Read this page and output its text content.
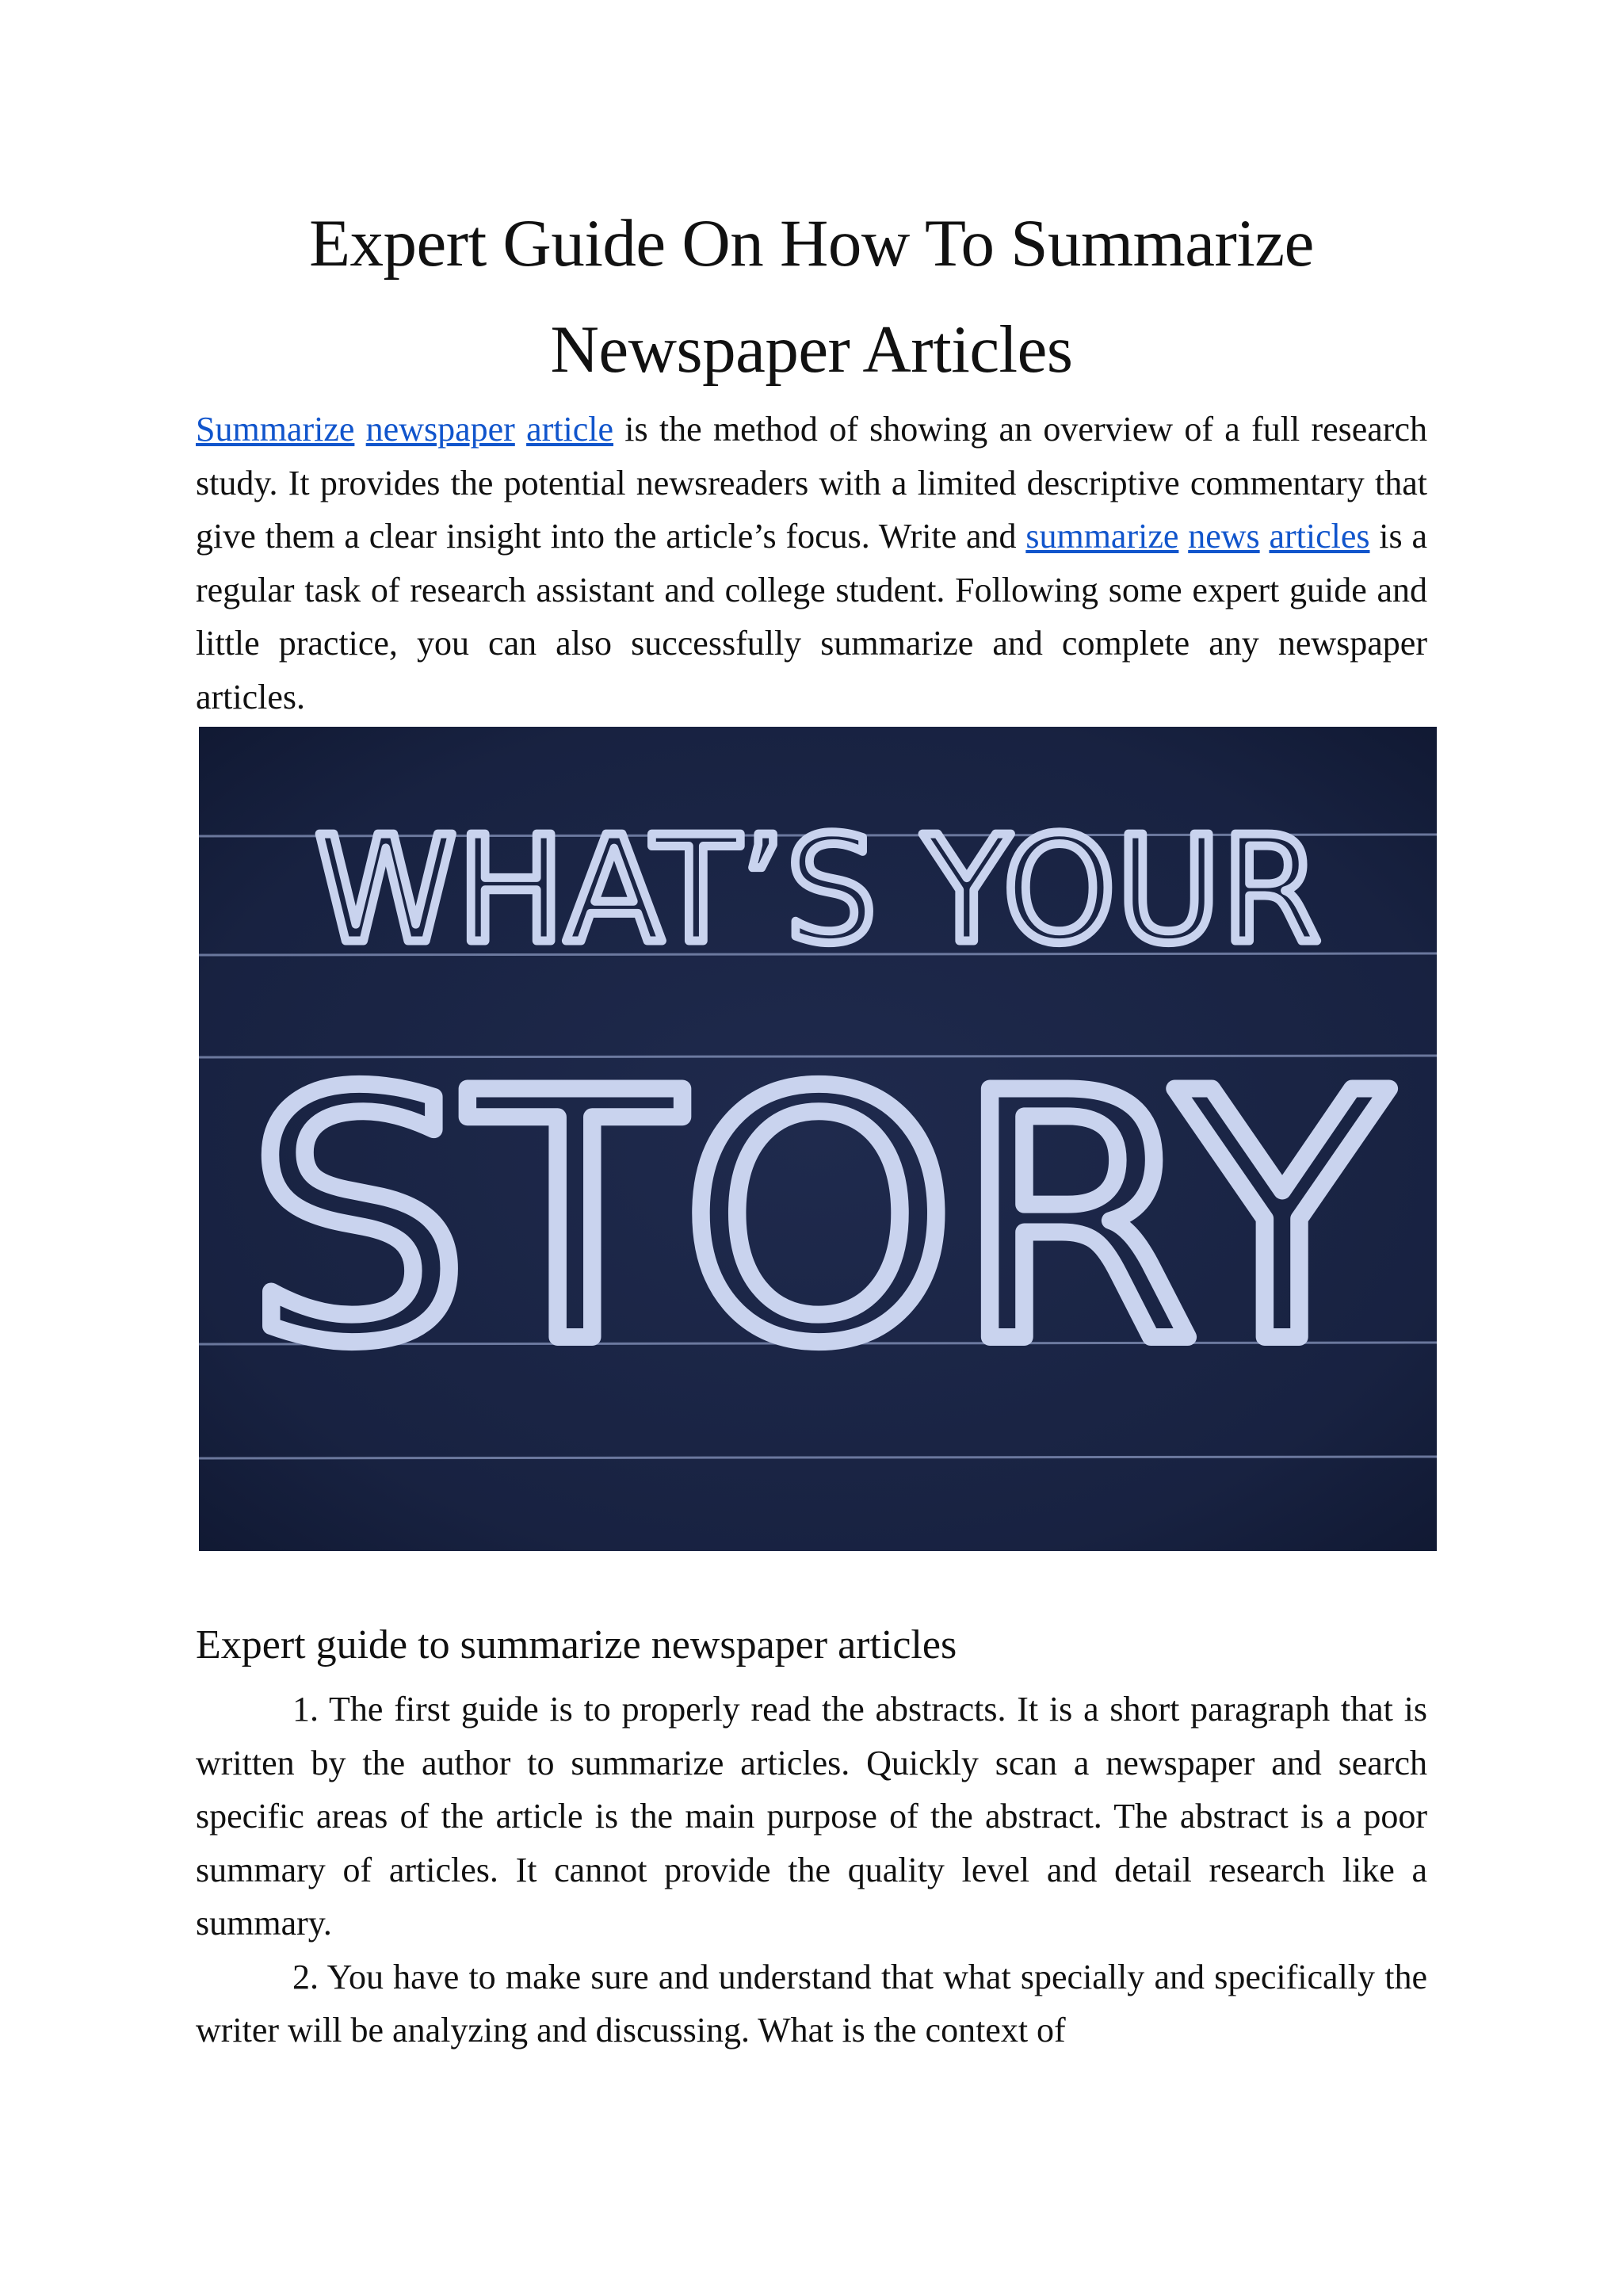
Expert Guide On How To Summarize
Newspaper Articles

Summarize newspaper article is the method of showing an overview of a full research study. It provides the potential newsreaders with a limited descriptive commentary that give them a clear insight into the article’s focus. Write and summarize news articles is a regular task of research assistant and college student. Following some expert guide and little practice, you can also successfully summarize and complete any newspaper articles.

WHAT’S YOUR
STORY
Expert guide to summarize newspaper articles

1. The first guide is to properly read the abstracts. It is a short paragraph that is written by the author to summarize articles. Quickly scan a newspaper and search specific areas of the article is the main purpose of the abstract. The abstract is a poor summary of articles. It cannot provide the quality level and detail research like a summary.

2. You have to make sure and understand that what specially and specifically the writer will be analyzing and discussing. What is the context of
